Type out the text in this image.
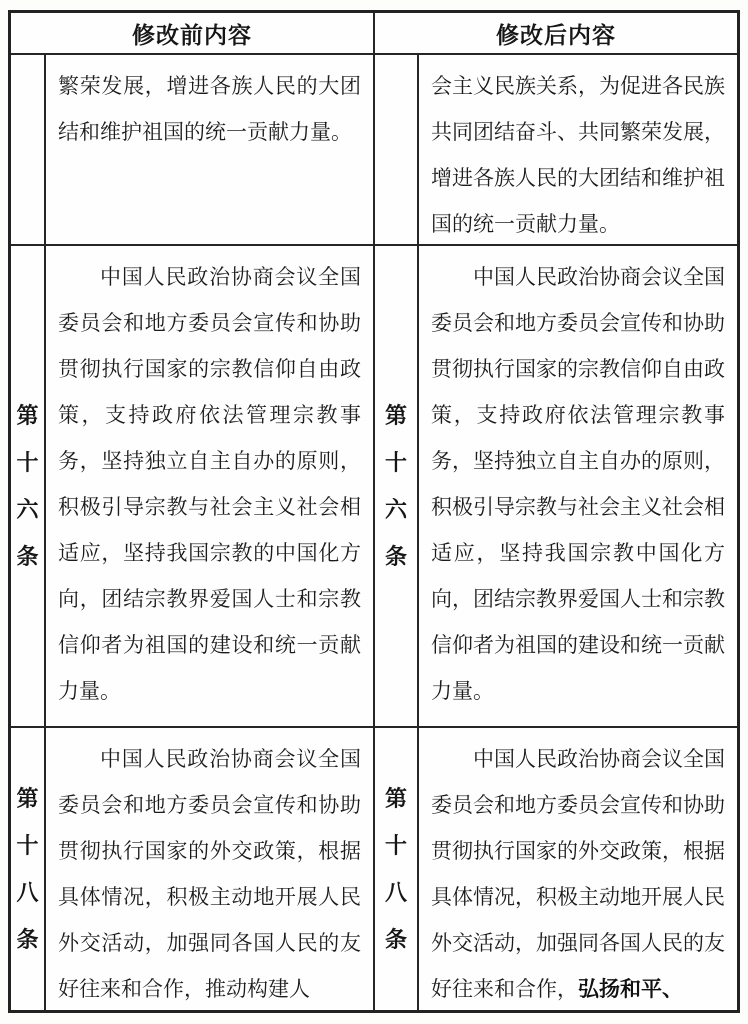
修改前内容	修改后内容
繁荣发展，增进各族人民的大团结和维护祖国的统一贡献力量。
会主义民族关系，为促进各民族共同团结奋斗、共同繁荣发展，增进各族人民的大团结和维护祖国的统一贡献力量。
第十六条
中国人民政治协商会议全国委员会和地方委员会宣传和协助贯彻执行国家的宗教信仰自由政策，支持政府依法管理宗教事务，坚持独立自主自办的原则，积极引导宗教与社会主义社会相适应，坚持我国宗教的中国化方向，团结宗教界爱国人士和宗教信仰者为祖国的建设和统一贡献力量。
第十六条
中国人民政治协商会议全国委员会和地方委员会宣传和协助贯彻执行国家的宗教信仰自由政策，支持政府依法管理宗教事务，坚持独立自主自办的原则，积极引导宗教与社会主义社会相适应，坚持我国宗教中国化方向，团结宗教界爱国人士和宗教信仰者为祖国的建设和统一贡献力量。
第十八条
中国人民政治协商会议全国委员会和地方委员会宣传和协助贯彻执行国家的外交政策，根据具体情况，积极主动地开展人民外交活动，加强同各国人民的友好往来和合作，推动构建人
第十八条
中国人民政治协商会议全国委员会和地方委员会宣传和协助贯彻执行国家的外交政策，根据具体情况，积极主动地开展人民外交活动，加强同各国人民的友好往来和合作，弘扬和平、
